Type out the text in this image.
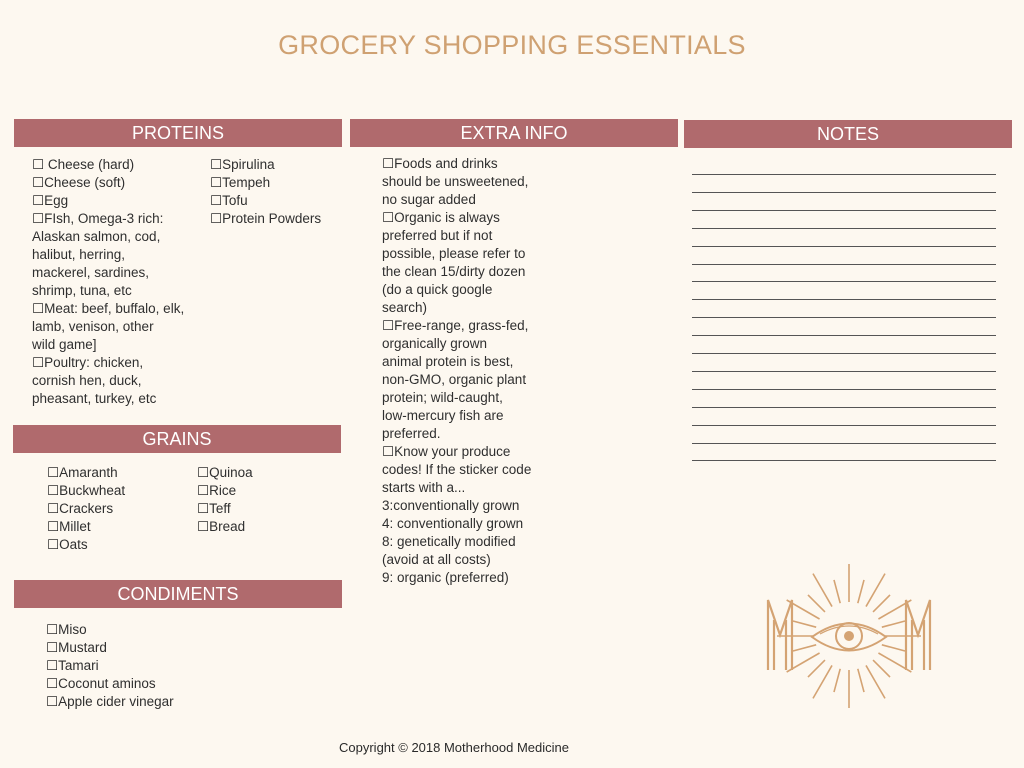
GROCERY SHOPPING ESSENTIALS
PROTEINS	EXTRA INFO	NOTES
GRAINS
CONDIMENTS
☐ Cheese (hard)
☐Cheese (soft)
☐Egg
☐FIsh, Omega-3 rich:
Alaskan salmon, cod,
halibut, herring,
mackerel, sardines,
shrimp, tuna, etc
☐Meat: beef, buffalo, elk,
lamb, venison, other
wild game]
☐Poultry: chicken,
cornish hen, duck,
pheasant, turkey, etc
☐Spirulina
☐Tempeh
☐Tofu
☐Protein Powders
☐Amaranth
☐Buckwheat
☐Crackers
☐Millet
☐Oats
☐Quinoa
☐Rice
☐Teff
☐Bread
☐Miso
☐Mustard
☐Tamari
☐Coconut aminos
☐Apple cider vinegar
☐Foods and drinks
should be unsweetened,
no sugar added
☐Organic is always
preferred but if not
possible, please refer to
the clean 15/dirty dozen
(do a quick google
search)
☐Free-range, grass-fed,
organically grown
animal protein is best,
non-GMO, organic plant
protein; wild-caught,
low-mercury fish are
preferred.
☐Know your produce
codes! If the sticker code
starts with a...
3:conventionally grown
4: conventionally grown
8: genetically modified
(avoid at all costs)
9: organic (preferred)
Copyright © 2018 Motherhood Medicine
